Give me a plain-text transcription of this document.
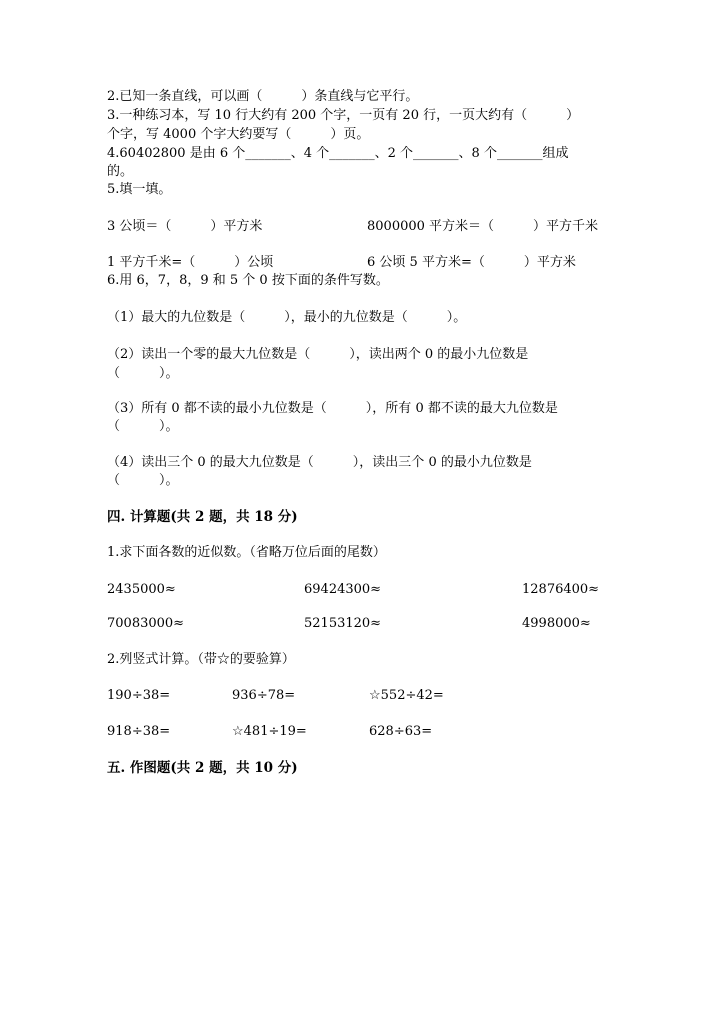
2.已知一条直线，可以画（　　　）条直线与它平行。
3.一种练习本，写 10 行大约有 200 个字，一页有 20 行，一页大约有（　　　）
个字，写 4000 个字大约要写（　　　）页。
4.60402800 是由 6 个_______、4 个_______、2 个_______、8 个_______组成
的。
5.填一填。
3 公顷＝（　　　）平方米	8000000 平方米＝（　　　）平方千米
1 平方千米=（　　　）公顷	6 公顷 5 平方米=（　　　）平方米
6.用 6，7，8，9 和 5 个 0 按下面的条件写数。
（1）最大的九位数是（　　　），最小的九位数是（　　　）。
（2）读出一个零的最大九位数是（　　　），读出两个 0 的最小九位数是
（　　　）。
（3）所有 0 都不读的最小九位数是（　　　），所有 0 都不读的最大九位数是
（　　　）。
（4）读出三个 0 的最大九位数是（　　　），读出三个 0 的最小九位数是
（　　　）。
四. 计算题(共 2 题，共 18 分)
1.求下面各数的近似数。（省略万位后面的尾数）
2435000≈	69424300≈	12876400≈
70083000≈	52153120≈	4998000≈
2.列竖式计算。（带☆的要验算）
190÷38=	936÷78=	☆552÷42=
918÷38=	☆481÷19=	628÷63=
五. 作图题(共 2 题，共 10 分)
